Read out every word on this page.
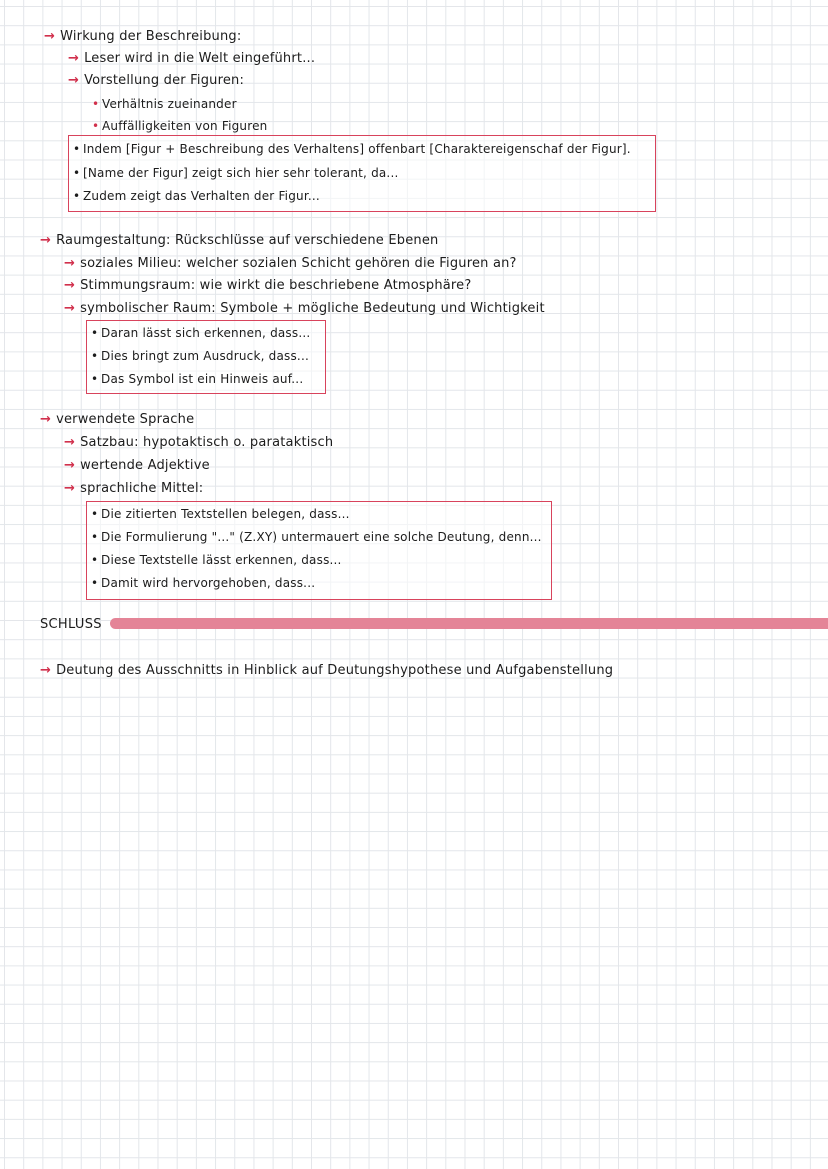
→ Wirkung der Beschreibung:
→ Leser wird in die Welt eingeführt...
→ Vorstellung der Figuren:
• Verhältnis zueinander
• Auffälligkeiten von Figuren
• Indem [Figur + Beschreibung des Verhaltens] offenbart [Charaktereigenschaf der Figur].
• [Name der Figur] zeigt sich hier sehr tolerant, da...
• Zudem zeigt das Verhalten der Figur...
→ Raumgestaltung: Rückschlüsse auf verschiedene Ebenen
→ soziales Milieu: welcher sozialen Schicht gehören die Figuren an?
→ Stimmungsraum: wie wirkt die beschriebene Atmosphäre?
→ symbolischer Raum: Symbole + mögliche Bedeutung und Wichtigkeit
• Daran lässt sich erkennen, dass...
• Dies bringt zum Ausdruck, dass...
• Das Symbol ist ein Hinweis auf...
→ verwendete Sprache
→ Satzbau: hypotaktisch o. parataktisch
→ wertende Adjektive
→ sprachliche Mittel:
• Die zitierten Textstellen belegen, dass...
• Die Formulierung "..." (Z.XY) untermauert eine solche Deutung, denn...
• Diese Textstelle lässt erkennen, dass...
• Damit wird hervorgehoben, dass...
SCHLUSS
→ Deutung des Ausschnitts in Hinblick auf Deutungshypothese und Aufgabenstellung
